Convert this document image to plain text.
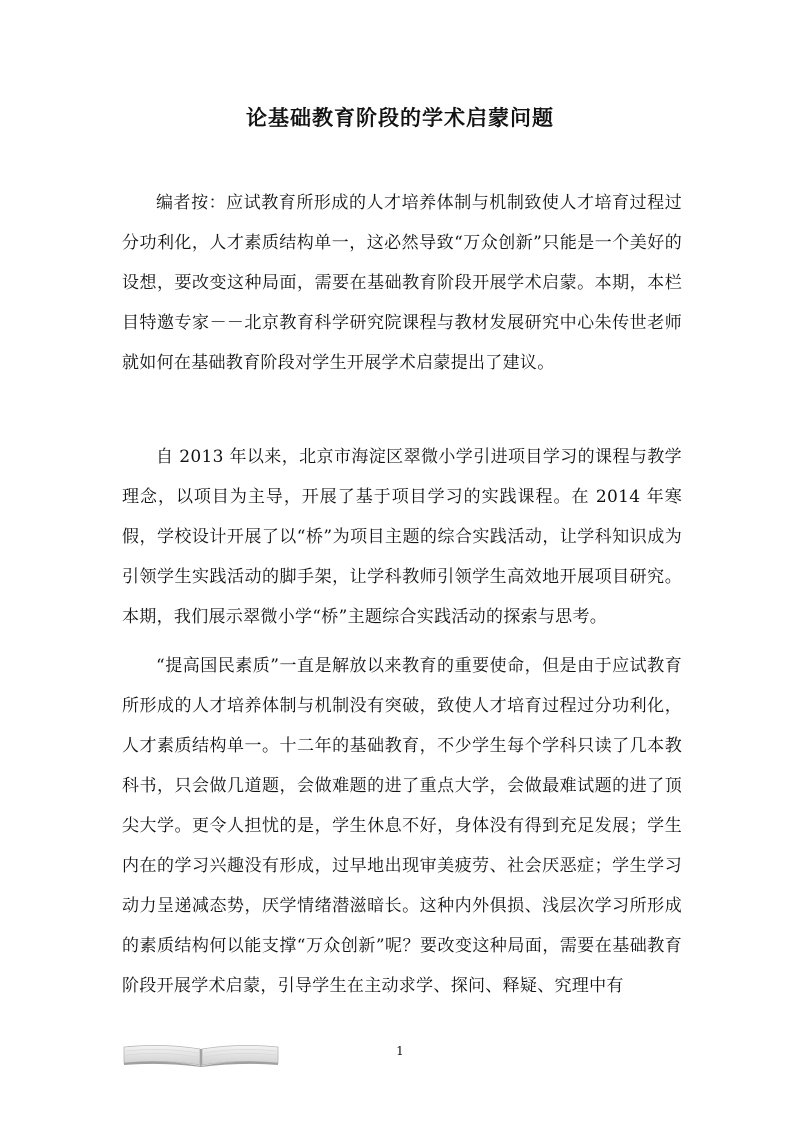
论基础教育阶段的学术启蒙问题

编者按：应试教育所形成的人才培养体制与机制致使人才培育过程过分功利化，人才素质结构单一，这必然导致“万众创新”只能是一个美好的设想，要改变这种局面，需要在基础教育阶段开展学术启蒙。本期，本栏目特邀专家－－北京教育科学研究院课程与教材发展研究中心朱传世老师就如何在基础教育阶段对学生开展学术启蒙提出了建议。

自 2013 年以来，北京市海淀区翠微小学引进项目学习的课程与教学理念，以项目为主导，开展了基于项目学习的实践课程。在 2014 年寒假，学校设计开展了以“桥”为项目主题的综合实践活动，让学科知识成为引领学生实践活动的脚手架，让学科教师引领学生高效地开展项目研究。本期，我们展示翠微小学“桥”主题综合实践活动的探索与思考。

“提高国民素质”一直是解放以来教育的重要使命，但是由于应试教育所形成的人才培养体制与机制没有突破，致使人才培育过程过分功利化，人才素质结构单一。十二年的基础教育，不少学生每个学科只读了几本教科书，只会做几道题，会做难题的进了重点大学，会做最难试题的进了顶尖大学。更令人担忧的是，学生休息不好，身体没有得到充足发展；学生内在的学习兴趣没有形成，过早地出现审美疲劳、社会厌恶症；学生学习动力呈递减态势，厌学情绪潜滋暗长。这种内外俱损、浅层次学习所形成的素质结构何以能支撑“万众创新”呢？要改变这种局面，需要在基础教育阶段开展学术启蒙，引导学生在主动求学、探问、释疑、究理中有

1
